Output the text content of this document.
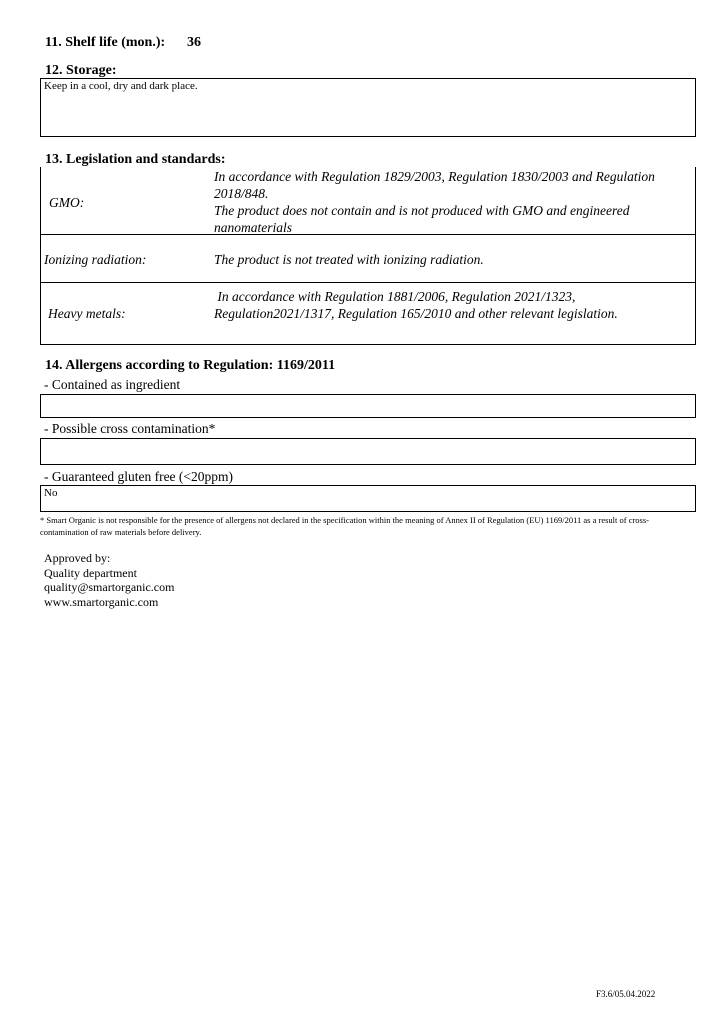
11. Shelf life (mon.): 36
12. Storage:
Keep in a cool, dry and dark place.
13. Legislation and standards:
GMO:
In accordance with Regulation 1829/2003, Regulation 1830/2003 and Regulation 2018/848.
The product does not contain and is not produced with GMO and engineered nanomaterials
Ionizing radiation:	The product is not treated with ionizing radiation.
Heavy metals:
In accordance with Regulation 1881/2006, Regulation 2021/1323, Regulation2021/1317, Regulation 165/2010 and other relevant legislation.
14. Allergens according to Regulation: 1169/2011
- Contained as ingredient
- Possible cross contamination*
- Guaranteed gluten free (<20ppm)
No
* Smart Organic is not responsible for the presence of allergens not declared in the specification within the meaning of Annex II of Regulation (EU) 1169/2011 as a result of cross-contamination of raw materials before delivery.
Approved by:
Quality department
quality@smartorganic.com
www.smartorganic.com
F3.6/05.04.2022
